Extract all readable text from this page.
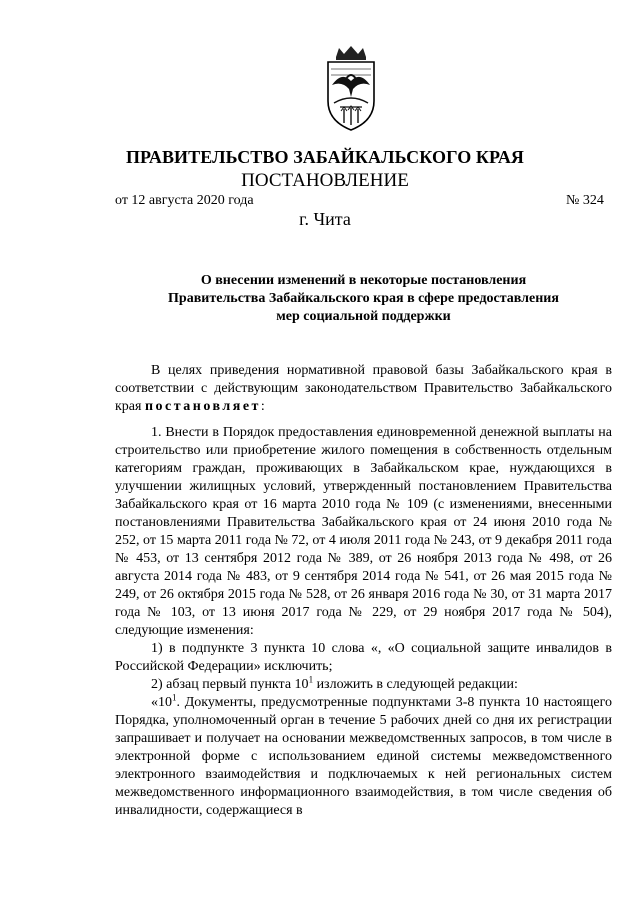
ПРАВИТЕЛЬСТВО ЗАБАЙКАЛЬСКОГО КРАЯ
ПОСТАНОВЛЕНИЕ
от 12 августа 2020 года	№ 324
г. Чита
О внесении изменений в некоторые постановления
Правительства Забайкальского края в сфере предоставления
мер социальной поддержки

В целях приведения нормативной правовой базы Забайкальского края в соответствии с действующим законодательством Правительство Забайкальского края постановляет:

1. Внести в Порядок предоставления единовременной денежной выплаты на строительство или приобретение жилого помещения в собственность отдельным категориям граждан, проживающих в Забайкальском крае, нуждающихся в улучшении жилищных условий, утвержденный постановлением Правительства Забайкальского края от 16 марта 2010 года № 109 (с изменениями, внесенными постановлениями Правительства Забайкальского края от 24 июня 2010 года № 252, от 15 марта 2011 года № 72, от 4 июля 2011 года № 243, от 9 декабря 2011 года № 453, от 13 сентября 2012 года № 389, от 26 ноября 2013 года № 498, от 26 августа 2014 года № 483, от 9 сентября 2014 года № 541, от 26 мая 2015 года № 249, от 26 октября 2015 года № 528, от 26 января 2016 года № 30, от 31 марта 2017 года № 103, от 13 июня 2017 года № 229, от 29 ноября 2017 года № 504), следующие изменения:

1) в подпункте 3 пункта 10 слова «, «О социальной защите инвалидов в Российской Федерации» исключить;

2) абзац первый пункта $10^1$ изложить в следующей редакции:

«$10^1$. Документы, предусмотренные подпунктами 3-8 пункта 10 настоящего Порядка, уполномоченный орган в течение 5 рабочих дней со дня их регистрации запрашивает и получает на основании межведомственных запросов, в том числе в электронной форме с использованием единой системы межведомственного электронного взаимодействия и подключаемых к ней региональных систем межведомственного информационного взаимодействия, в том числе сведения об инвалидности, содержащиеся в
